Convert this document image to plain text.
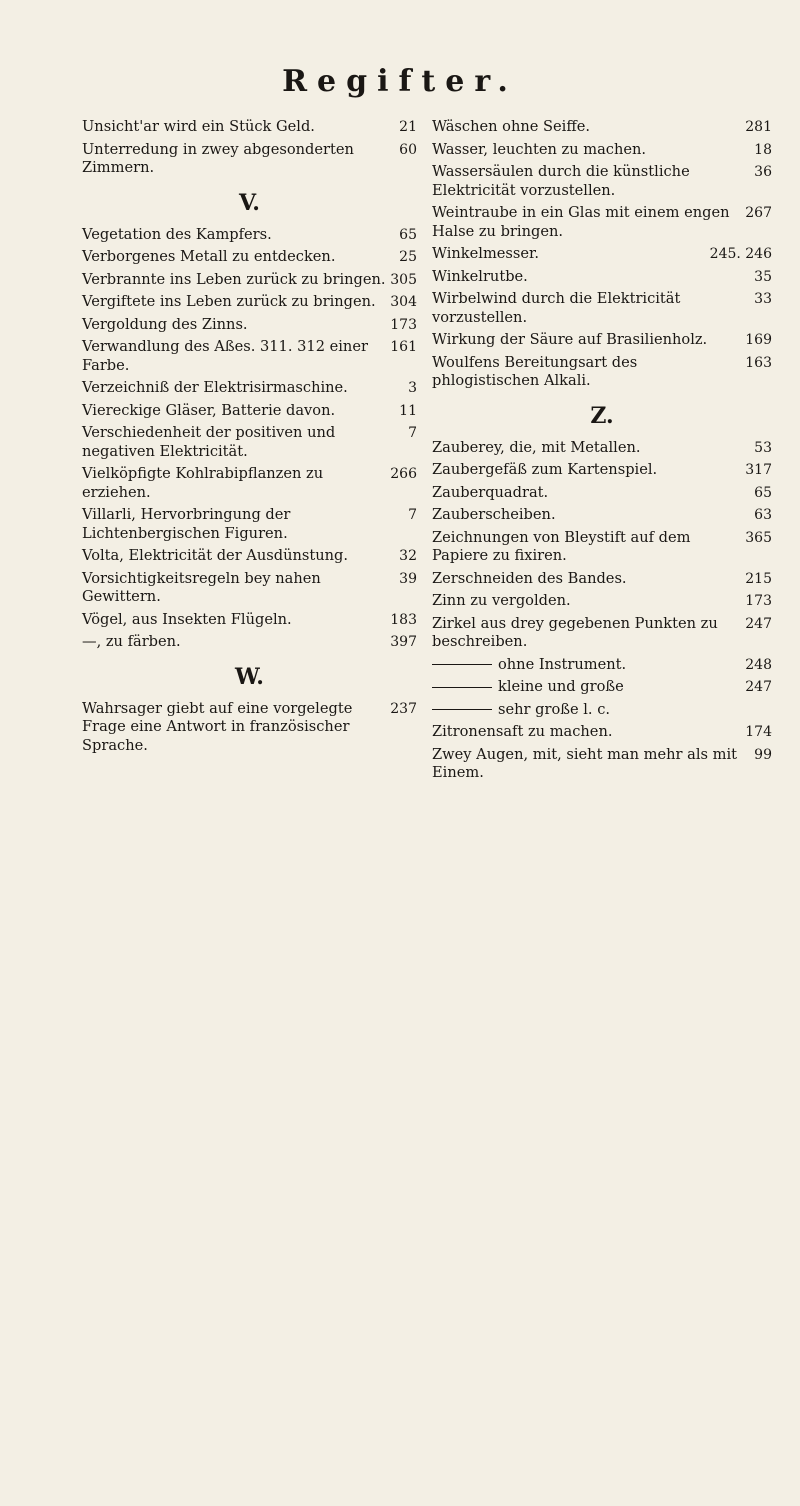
Regifter.
21
Unsicht'ar wird ein Stück Geld.
60
Unterredung in zwey abgesonderten Zimmern.
V.
65
Vegetation des Kampfers.
25
Verborgenes Metall zu entdecken.
305
Verbrannte ins Leben zurück zu bringen.
304
Vergiftete ins Leben zurück zu bringen.
173
Vergoldung des Zinns.
161
Verwandlung des Aßes. 311. 312 einer Farbe.
3
Verzeichniß der Elektrisirmaschine.
11
Viereckige Gläser, Batterie davon.
7
Verschiedenheit der positiven und negativen Elektricität.
266
Vielköpfigte Kohlrabipflanzen zu erziehen.
7
Villarli, Hervorbringung der Lichtenbergischen Figuren.
32
Volta, Elektricität der Ausdünstung.
39
Vorsichtigkeitsregeln bey nahen Gewittern.
183
Vögel, aus Insekten Flügeln.
397
—, zu färben.
W.
237
Wahrsager giebt auf eine vorgelegte Frage eine Antwort in französischer Sprache.
281
Wäschen ohne Seiffe.
18
Wasser, leuchten zu machen.
36
Wassersäulen durch die künstliche Elektricität vorzustellen.
267
Weintraube in ein Glas mit einem engen Halse zu bringen.
245. 246
Winkelmesser.
35
Winkelrutbe.
33
Wirbelwind durch die Elektricität vorzustellen.
169
Wirkung der Säure auf Brasilienholz.
163
Woulfens Bereitungsart des phlogistischen Alkali.
Z.
53
Zauberey, die, mit Metallen.
317
Zaubergefäß zum Kartenspiel.
65
Zauberquadrat.
63
Zauberscheiben.
365
Zeichnungen von Bleystift auf dem Papiere zu fixiren.
215
Zerschneiden des Bandes.
173
Zinn zu vergolden.
247
Zirkel aus drey gegebenen Punkten zu beschreiben.
248
ohne Instrument.
247
kleine und große
sehr große l. c.
174
Zitronensaft zu machen.
99
Zwey Augen, mit, sieht man mehr als mit Einem.
